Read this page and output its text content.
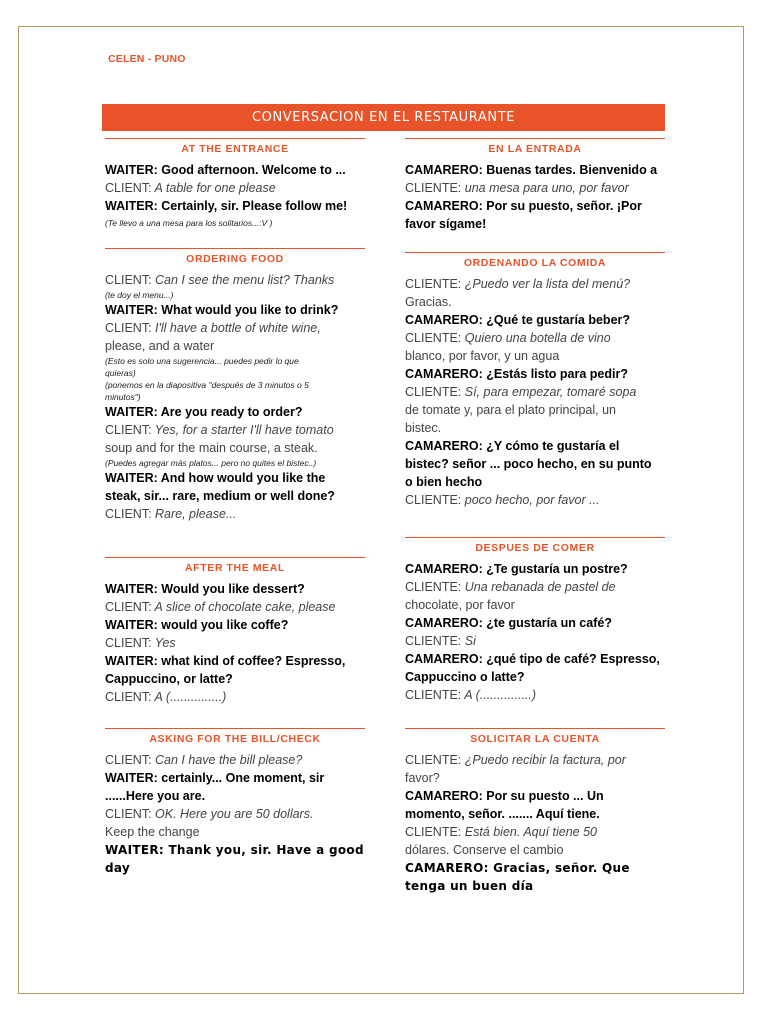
CELEN - PUNO
CONVERSACION EN EL RESTAURANTE
AT THE ENTRANCE
WAITER: Good afternoon. Welcome to ...
CLIENT: A table for one please
WAITER: Certainly, sir. Please follow me!
(Te llevo a una mesa para los solitarios...:V )
ORDERING FOOD
CLIENT: Can I see the menu list? Thanks
(te doy el menu...)
WAITER: What would you like to drink?
CLIENT: I'll have a bottle of white wine,
please, and a water
(Esto es solo una sugerencia... puedes pedir lo que
quieras)
(ponemos en la diapositiva "después de 3 minutos o 5
minutos")
WAITER: Are you ready to order?
CLIENT: Yes, for a starter I'll have tomato
soup and for the main course, a steak.
(Puedes agregar más platos... pero no quites el bistec..)
WAITER: And how would you like the
steak, sir... rare, medium or well done?
CLIENT: Rare, please...
AFTER THE MEAL
WAITER: Would you like dessert?
CLIENT: A slice of chocolate cake, please
WAITER: would you like coffe?
CLIENT: Yes
WAITER: what kind of coffee? Espresso,
Cappuccino, or latte?
CLIENT: A (...............)
ASKING FOR THE BILL/CHECK
CLIENT: Can I have the bill please?
WAITER: certainly... One moment, sir
......Here you are.
CLIENT: OK. Here you are 50 dollars.
Keep the change
WAITER: Thank you, sir. Have a good
day
EN LA ENTRADA
CAMARERO: Buenas tardes. Bienvenido a
CLIENTE: una mesa para uno, por favor
CAMARERO: Por su puesto, señor. ¡Por
favor sígame!
ORDENANDO LA COMIDA
CLIENTE: ¿Puedo ver la lista del menú?
Gracias.
CAMARERO: ¿Qué te gustaría beber?
CLIENTE: Quiero una botella de vino
blanco, por favor, y un agua
CAMARERO: ¿Estás listo para pedir?
CLIENTE: Sí, para empezar, tomaré sopa
de tomate y, para el plato principal, un
bistec.
CAMARERO: ¿Y cómo te gustaría el
bistec? señor ... poco hecho, en su punto
o bien hecho
CLIENTE: poco hecho, por favor ...
DESPUES DE COMER
CAMARERO: ¿Te gustaría un postre?
CLIENTE: Una rebanada de pastel de
chocolate, por favor
CAMARERO: ¿te gustaría un café?
CLIENTE: Si
CAMARERO: ¿qué tipo de café? Espresso,
Cappuccino o latte?
CLIENTE: A (...............)
SOLICITAR LA CUENTA
CLIENTE: ¿Puedo recibir la factura, por
favor?
CAMARERO: Por su puesto ... Un
momento, señor. ....... Aquí tiene.
CLIENTE: Está bien. Aquí tiene 50
dólares. Conserve el cambio
CAMARERO: Gracias, señor. Que
tenga un buen día
